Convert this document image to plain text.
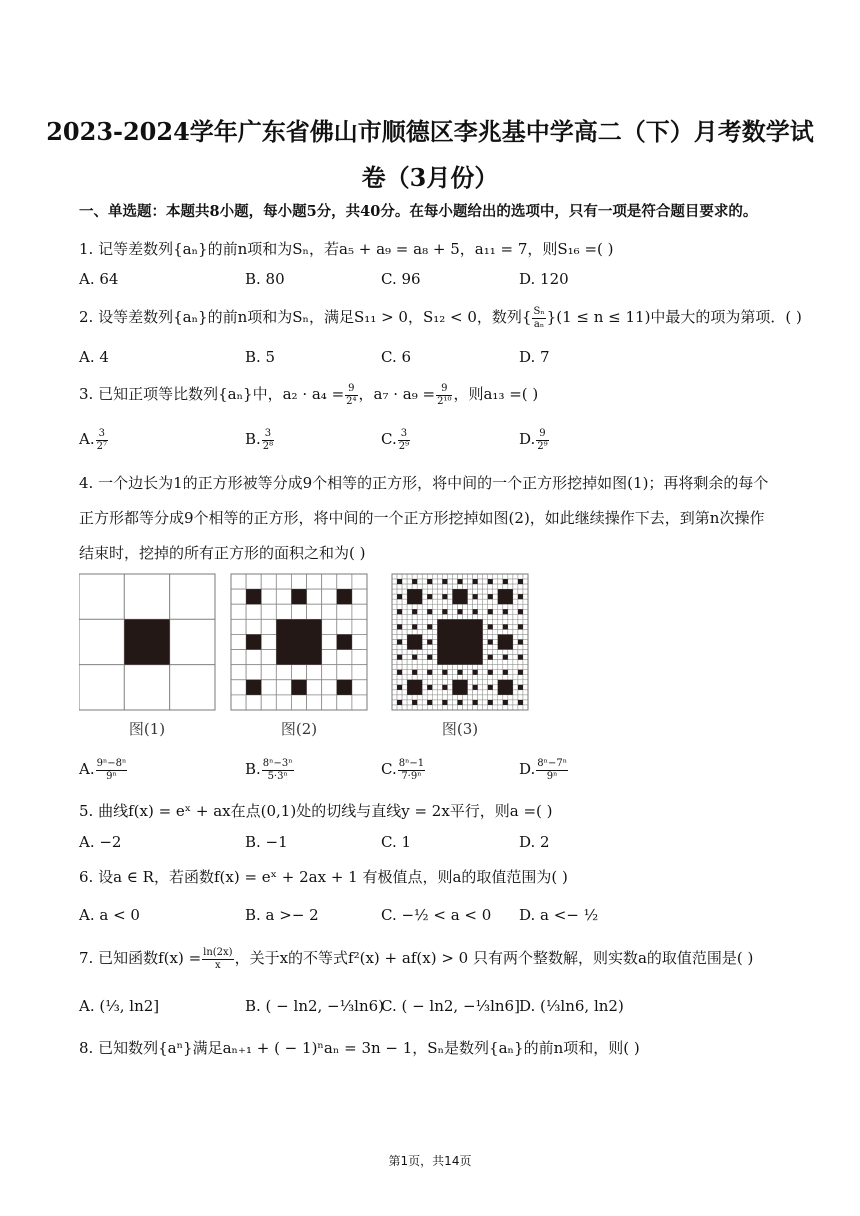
2023-2024学年广东省佛山市顺德区李兆基中学高二（下）月考数学试
卷（3月份）
一、单选题：本题共8小题，每小题5分，共40分。在每小题给出的选项中，只有一项是符合题目要求的。
1. 记等差数列{aₙ}的前n项和为Sₙ，若a₅ + a₉ = a₈ + 5，a₁₁ = 7，则S₁₆ =( )
A. 64	B. 80	C. 96	D. 120
2. 设等差数列{aₙ}的前n项和为Sₙ，满足S₁₁ > 0，S₁₂ < 0，数列{ $\frac{\text{Sₙ}}{\text{aₙ}} \}(1 \le n \le 11)$中最大的项为第项．( )
A. 4	B. 5	C. 6	D. 7
3. 已知正项等比数列{aₙ}中，$a_2 \cdot a_4 = \frac{9}{\text{2⁴}}$ ，$a_7 \cdot a_9 = \frac{9}{\text{2¹⁰}}$ ，则a₁₃ =( )
A. $\frac{3}{\text{2⁷}}$	B. $\frac{3}{\text{2⁸}}$	C. $\frac{3}{\text{2⁹}}$	D. $\frac{9}{\text{2⁹}}$
4. 一个边长为1的正方形被等分成9个相等的正方形，将中间的一个正方形挖掉如图(1)；再将剩余的每个
正方形都等分成9个相等的正方形，将中间的一个正方形挖掉如图(2)，如此继续操作下去，到第n次操作
结束时，挖掉的所有正方形的面积之和为( )
图(1)	图(2)	图(3)
A. $\frac{\text{9ⁿ−8ⁿ}}{\text{9ⁿ}}$	B. $\frac{\text{8ⁿ−3ⁿ}}{\text{5·3ⁿ}}$	C. $\frac{\text{8ⁿ−1}}{\text{7·9ⁿ}}$	D. $\frac{\text{8ⁿ−7ⁿ}}{\text{9ⁿ}}$
5. 曲线f(x) = eˣ + ax在点(0,1)处的切线与直线y = 2x平行，则a =( )
A. −2	B. −1	C. 1	D. 2
6. 设a ∈ R，若函数f(x) = eˣ + 2ax + 1 有极值点，则a的取值范围为( )
A. a < 0	B. a >− 2	C. −½ < a < 0 D. a <− ½
7. 已知函数$f(x) = \frac{\ln(2x)}{x}$ ，关于x的不等式f²(x) + af(x) > 0 只有两个整数解，则实数a的取值范围是( )
A. (⅓, ln2]	B. ( − ln2, −⅓ln6)
C. ( − ln2, −⅓ln6] D. (⅓ln6, ln2)
8. 已知数列{aⁿ}满足aₙ₊₁ + ( − 1)ⁿaₙ = 3n − 1，Sₙ是数列{aₙ}的前n项和，则( )
第1页，共14页
